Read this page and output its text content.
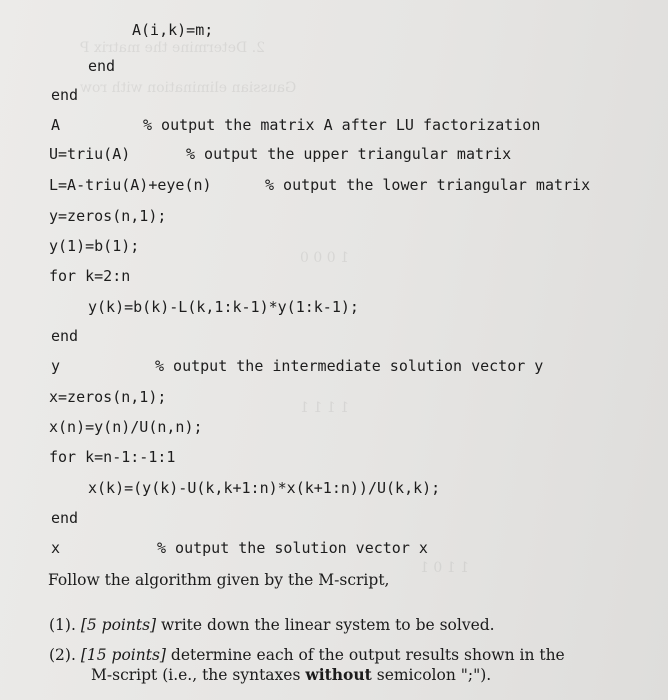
2. Determine the matrix P
Gaussian elimination with row
1 0 0 0
1 1 1 1
1 1 0 1
A(i,k)=m;
end
end
A	% output the matrix A after LU factorization
U=triu(A)	% output the upper triangular matrix
L=A-triu(A)+eye(n)	% output the lower triangular matrix
y=zeros(n,1);
y(1)=b(1);
for k=2:n
y(k)=b(k)-L(k,1:k-1)*y(1:k-1);
end
y	% output the intermediate solution vector y
x=zeros(n,1);
x(n)=y(n)/U(n,n);
for k=n-1:-1:1
x(k)=(y(k)-U(k,k+1:n)*x(k+1:n))/U(k,k);
end
x	% output the solution vector x
Follow the algorithm given by the M-script,
(1). [5 points] write down the linear system to be solved.
(2). [15 points] determine each of the output results shown in the
M-script (i.e., the syntaxes without semicolon ";").
